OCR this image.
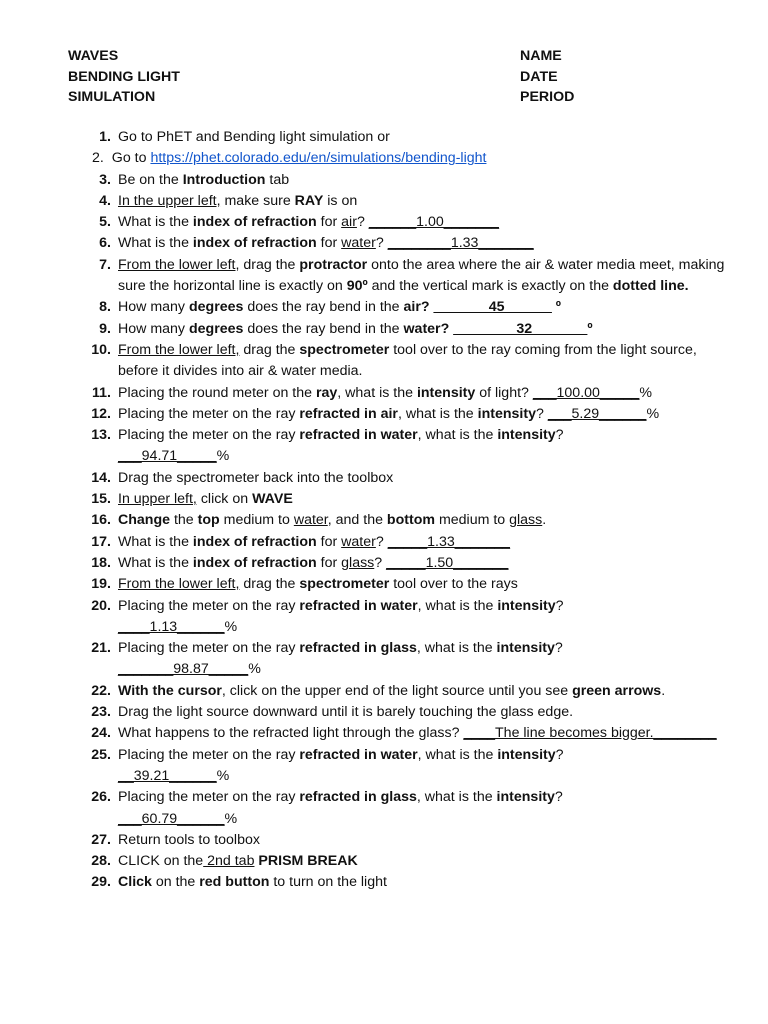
WAVES
BENDING LIGHT
SIMULATION
NAME
DATE
PERIOD
1. Go to PhET and Bending light simulation or
2. Go to https://phet.colorado.edu/en/simulations/bending-light
3. Be on the Introduction tab
4. In the upper left, make sure RAY is on
5. What is the index of refraction for air? ______1.00_______
6. What is the index of refraction for water? ________1.33_______
7. From the lower left, drag the protractor onto the area where the air & water media meet, making sure the horizontal line is exactly on 90º and the vertical mark is exactly on the dotted line.
8. How many degrees does the ray bend in the air? _______45______ º
9. How many degrees does the ray bend in the water? ________32_______º
10. From the lower left, drag the spectrometer tool over to the ray coming from the light source, before it divides into air & water media.
11. Placing the round meter on the ray, what is the intensity of light? ___100.00_____%
12. Placing the meter on the ray refracted in air, what is the intensity? ___5.29______%
13. Placing the meter on the ray refracted in water, what is the intensity?
___94.71_____%
14. Drag the spectrometer back into the toolbox
15. In upper left, click on WAVE
16. Change the top medium to water, and the bottom medium to glass.
17. What is the index of refraction for water? _____1.33_______
18. What is the index of refraction for glass? _____1.50_______
19. From the lower left, drag the spectrometer tool over to the rays
20. Placing the meter on the ray refracted in water, what is the intensity?
____1.13______%
21. Placing the meter on the ray refracted in glass, what is the intensity?
_______98.87_____%
22. With the cursor, click on the upper end of the light source until you see green arrows.
23. Drag the light source downward until it is barely touching the glass edge.
24. What happens to the refracted light through the glass? ____The line becomes bigger.________
25. Placing the meter on the ray refracted in water, what is the intensity?
__39.21______%
26. Placing the meter on the ray refracted in glass, what is the intensity?
___60.79______%
27. Return tools to toolbox
28. CLICK on the 2nd tab PRISM BREAK
29. Click on the red button to turn on the light
